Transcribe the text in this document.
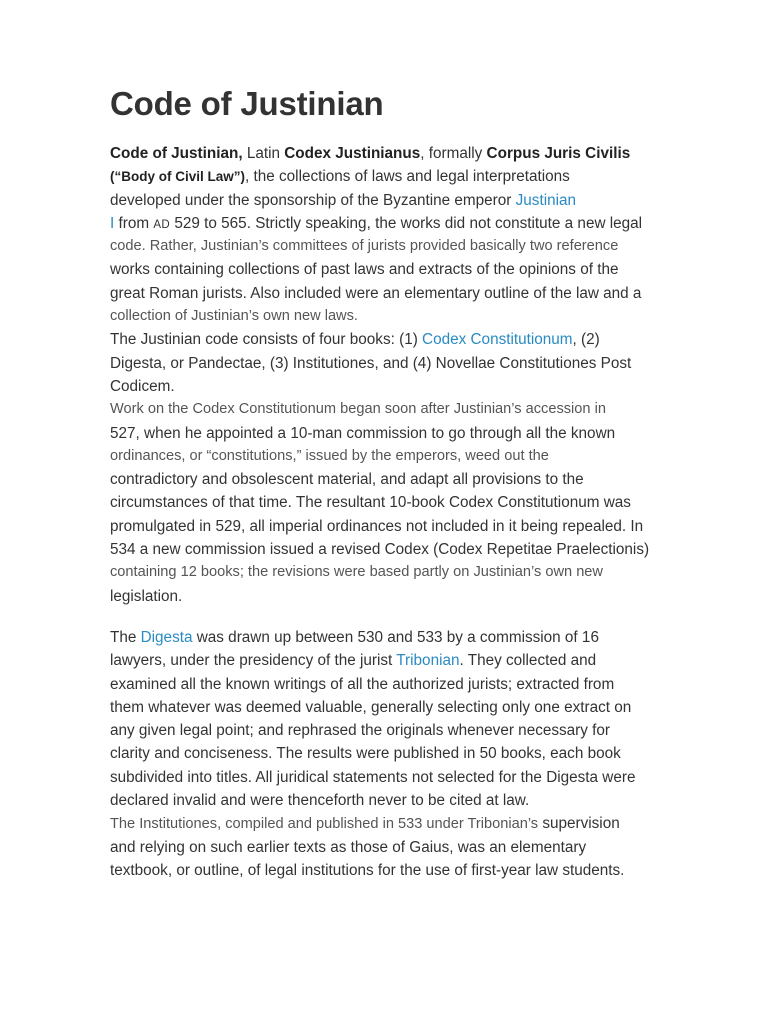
Code of Justinian
Code of Justinian, Latin Codex Justinianus, formally Corpus Juris Civilis
(“Body of Civil Law”), the collections of laws and legal interpretations
developed under the sponsorship of the Byzantine emperor Justinian
I from AD 529 to 565. Strictly speaking, the works did not constitute a new legal
code. Rather, Justinian’s committees of jurists provided basically two reference
works containing collections of past laws and extracts of the opinions of the
great Roman jurists. Also included were an elementary outline of the law and a
collection of Justinian’s own new laws.
The Justinian code consists of four books: (1) Codex Constitutionum, (2)
Digesta, or Pandectae, (3) Institutiones, and (4) Novellae Constitutiones Post
Codicem.
Work on the Codex Constitutionum began soon after Justinian’s accession in
527, when he appointed a 10-man commission to go through all the known
ordinances, or “constitutions,” issued by the emperors, weed out the
contradictory and obsolescent material, and adapt all provisions to the
circumstances of that time. The resultant 10-book Codex Constitutionum was
promulgated in 529, all imperial ordinances not included in it being repealed. In
534 a new commission issued a revised Codex (Codex Repetitae Praelectionis)
containing 12 books; the revisions were based partly on Justinian’s own new
legislation.
The Digesta was drawn up between 530 and 533 by a commission of 16
lawyers, under the presidency of the jurist Tribonian. They collected and
examined all the known writings of all the authorized jurists; extracted from
them whatever was deemed valuable, generally selecting only one extract on
any given legal point; and rephrased the originals whenever necessary for
clarity and conciseness. The results were published in 50 books, each book
subdivided into titles. All juridical statements not selected for the Digesta were
declared invalid and were thenceforth never to be cited at law.
The Institutiones, compiled and published in 533 under Tribonian’s supervision
and relying on such earlier texts as those of Gaius, was an elementary
textbook, or outline, of legal institutions for the use of first-year law students.
